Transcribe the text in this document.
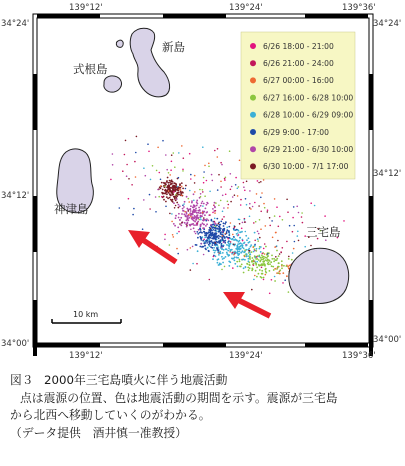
新島
式根島
神津島
三宅島
6/26 18:00 - 21:00
6/26 21:00 - 24:00
6/27 00:00 - 16:00
6/27 16:00 - 6/28 10:00
6/28 10:00 - 6/29 09:00
6/29 9:00 - 17:00
6/29 21:00 - 6/30 10:00
6/30 10:00 - 7/1 17:00
10 km
139°12'	139°24'	139°36'
139°12'	139°24'	139°36'
34°24'
34°12'
34°00'
34°24'
34°12'
34°00'
図３ 2000年三宅島噴火に伴う地震活動
点は震源の位置、色は地震活動の期間を示す。震源が三宅島
から北西へ移動していくのがわかる。
（データ提供　酒井慎一准教授）
